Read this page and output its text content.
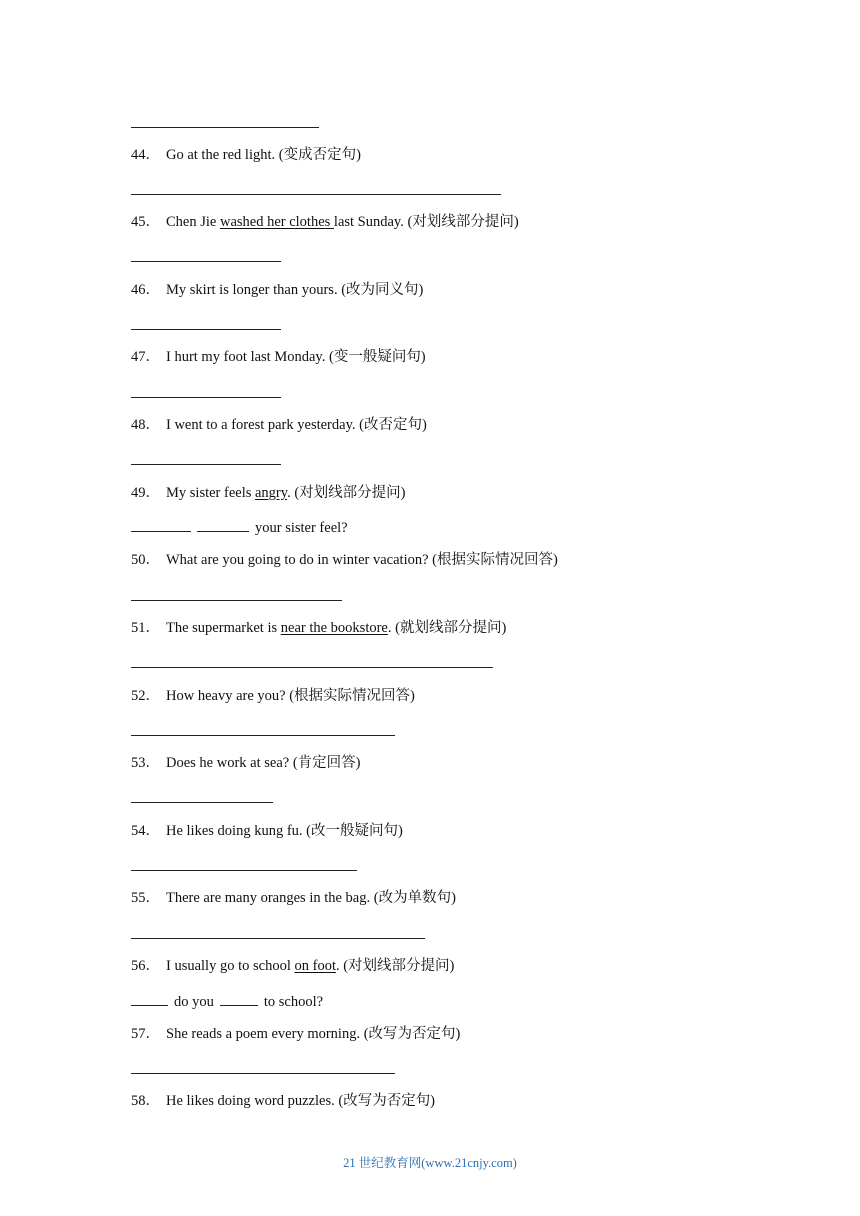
44． Go at the red light. (变成否定句)
45． Chen Jie washed her clothes last Sunday. (对划线部分提问)
46． My skirt is longer than yours. (改为同义句)
47． I hurt my foot last Monday. (变一般疑问句)
48． I went to a forest park yesterday. (改否定句)
49． My sister feels angry. (对划线部分提问)
your sister feel?
50． What are you going to do in winter vacation? (根据实际情况回答)
51． The supermarket is near the bookstore. (就划线部分提问)
52． How heavy are you? (根据实际情况回答)
53． Does he work at sea? (肯定回答)
54． He likes doing kung fu. (改一般疑问句)
55． There are many oranges in the bag. (改为单数句)
56． I usually go to school on foot. (对划线部分提问)
do you	to school?
57． She reads a poem every morning. (改写为否定句)
58． He likes doing word puzzles. (改写为否定句)
21 世纪教育网(www.21cnjy.com)
